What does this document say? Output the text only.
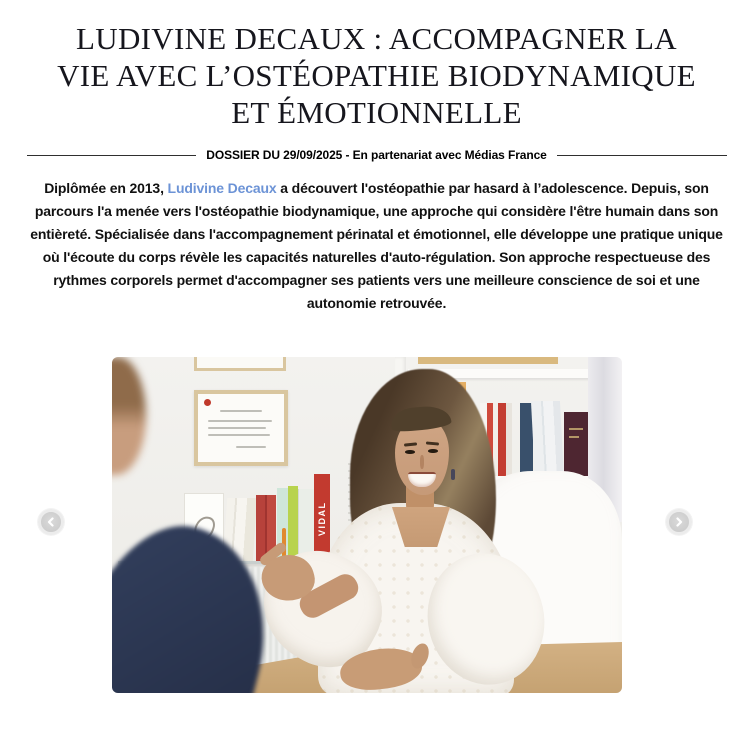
LUDIVINE DECAUX : ACCOMPAGNER LA
VIE AVEC L’OSTÉOPATHIE BIODYNAMIQUE
ET ÉMOTIONNELLE
DOSSIER DU 29/09/2025 - En partenariat avec Médias France

Diplômée en 2013, Ludivine Decaux a découvert l'ostéopathie par hasard à l’adolescence. Depuis, son parcours l'a menée vers l'ostéopathie biodynamique, une approche qui considère l'être humain dans son entièreté. Spécialisée dans l'accompagnement périnatal et émotionnel, elle développe une pratique unique où l'écoute du corps révèle les capacités naturelles d'auto-régulation. Son approche respectueuse des rythmes corporels permet d'accompagner ses patients vers une meilleure conscience de soi et une autonomie retrouvée.

VIDAL
